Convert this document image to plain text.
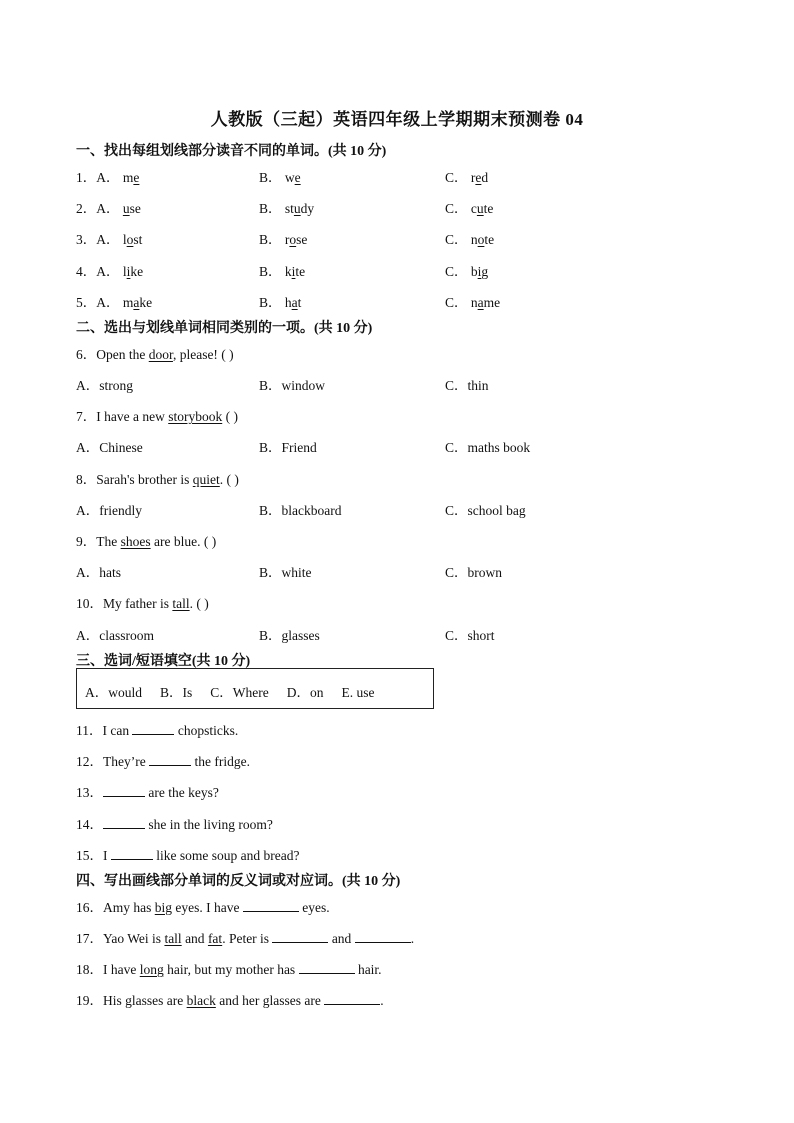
人教版（三起）英语四年级上学期期末预测卷 04
一、找出每组划线部分读音不同的单词。(共 10 分)
1．A． me	B． we	C． red
2．A． use	B． study	C． cute
3．A． lost	B． rose	C． note
4．A． like	B． kite	C． big
5．A． make	B． hat	C． name
二、选出与划线单词相同类别的一项。(共 10 分)
6．Open the door, please! ( )
A．strong	B．window	C．thin
7．I have a new storybook ( )
A．Chinese	B．Friend	C．maths book
8．Sarah's brother is quiet. ( )
A．friendly	B．blackboard	C．school bag
9．The shoes are blue. ( )
A．hats	B．white	C．brown
10．My father is tall. ( )
A．classroom	B．glasses	C．short
三、选词/短语填空(共 10 分)
A．would B．Is C．Where D．on E. use
11．I can	chopsticks.
12．They’re	the fridge.
13．	are the keys?
14．	she in the living room?
15．I	like some soup and bread?
四、写出画线部分单词的反义词或对应词。(共 10 分)
16．Amy has big eyes. I have	eyes.
17．Yao Wei is tall and fat. Peter is	and	.
18．I have long hair, but my mother has	hair.
19．His glasses are black and her glasses are	.
